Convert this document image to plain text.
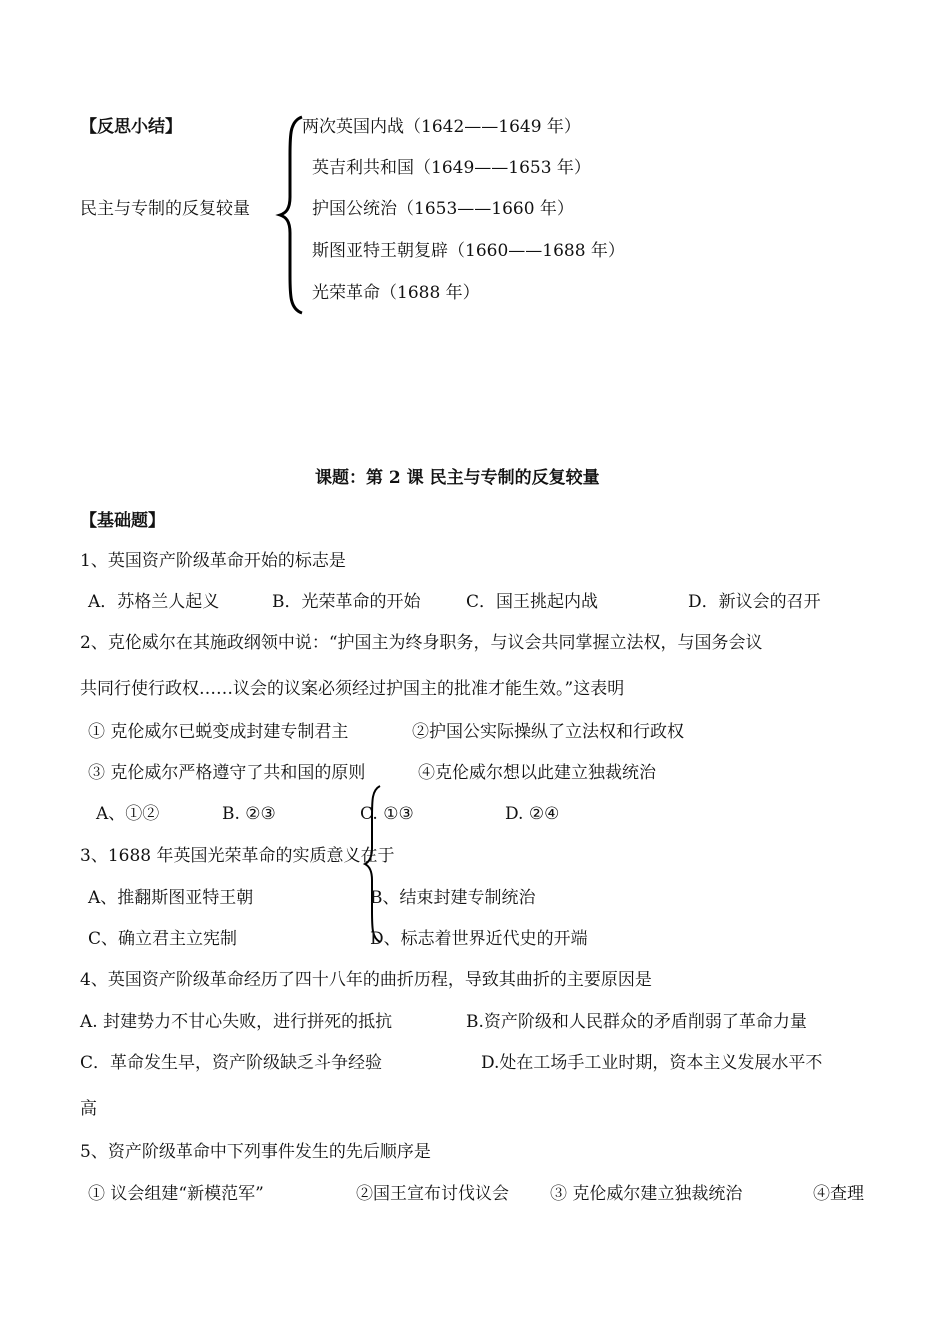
【反思小结】
民主与专制的反复较量
两次英国内战（1642——1649 年）
英吉利共和国（1649——1653 年）
护国公统治（1653——1660 年）
斯图亚特王朝复辟（1660——1688 年）
光荣革命（1688 年）
课题：第 2 课 民主与专制的反复较量
【基础题】
1、英国资产阶级革命开始的标志是
A．苏格兰人起义	B．光荣革命的开始	C．国王挑起内战	D．新议会的召开
2、克伦威尔在其施政纲领中说：“护国主为终身职务，与议会共同掌握立法权，与国务会议
共同行使行政权……议会的议案必须经过护国主的批准才能生效。”这表明
① 克伦威尔已蜕变成封建专制君主	②护国公实际操纵了立法权和行政权
③ 克伦威尔严格遵守了共和国的原则	④克伦威尔想以此建立独裁统治
A、①②	B. ②③	C. ①③	D. ②④
3、1688 年英国光荣革命的实质意义在于
A、推翻斯图亚特王朝	B、结束封建专制统治
C、确立君主立宪制	D、标志着世界近代史的开端
4、英国资产阶级革命经历了四十八年的曲折历程，导致其曲折的主要原因是
A. 封建势力不甘心失败，进行拼死的抵抗	B.资产阶级和人民群众的矛盾削弱了革命力量
C．革命发生早，资产阶级缺乏斗争经验	D.处在工场手工业时期，资本主义发展水平不
高
5、资产阶级革命中下列事件发生的先后顺序是
① 议会组建“新模范军”	②国王宣布讨伐议会 ③ 克伦威尔建立独裁统治	④查理
